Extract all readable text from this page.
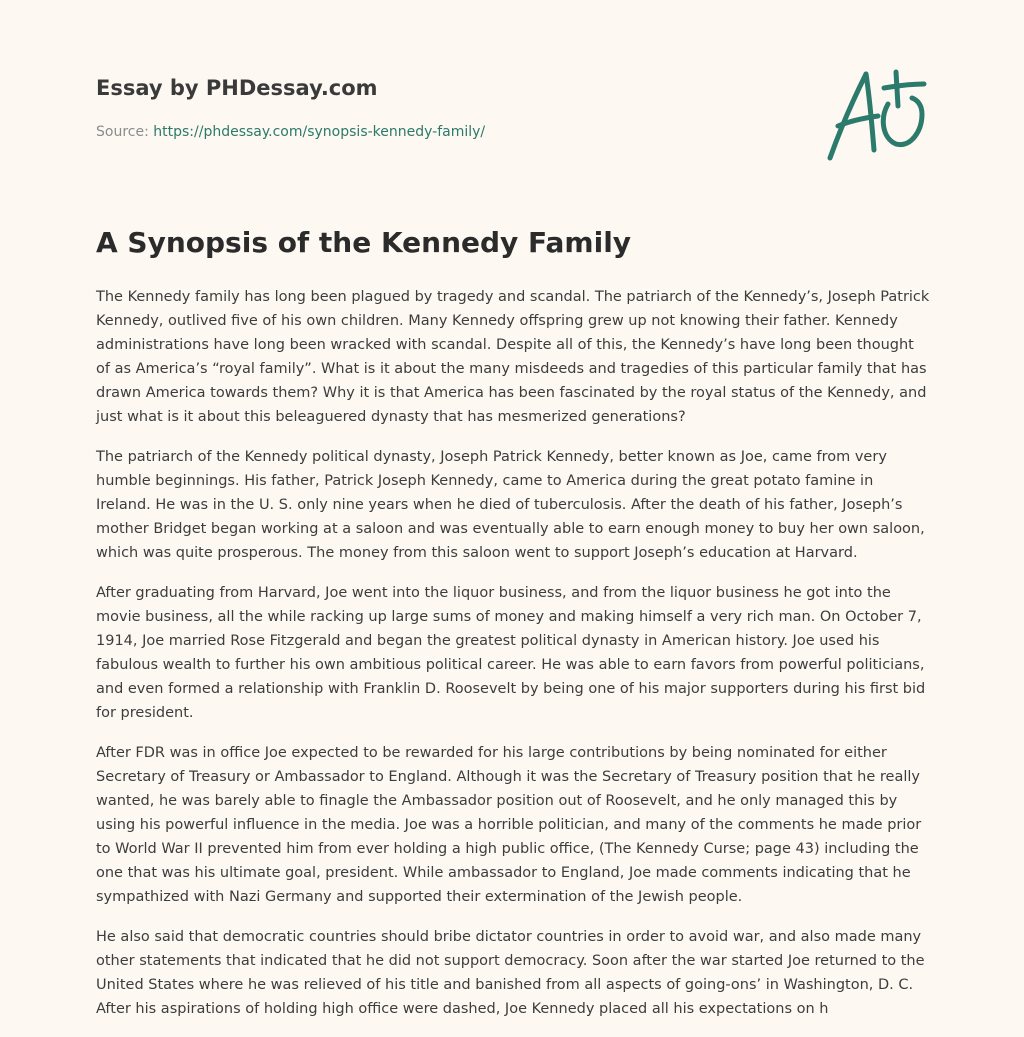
Essay by PHDessay.com
Source: https://phdessay.com/synopsis-kennedy-family/
A Synopsis of the Kennedy Family

The Kennedy family has long been plagued by tragedy and scandal. The patriarch of the Kennedy’s, Joseph Patrick Kennedy, outlived five of his own children. Many Kennedy offspring grew up not knowing their father. Kennedy administrations have long been wracked with scandal. Despite all of this, the Kennedy’s have long been thought of as America’s “royal family”. What is it about the many misdeeds and tragedies of this particular family that has drawn America towards them? Why it is that America has been fascinated by the royal status of the Kennedy, and just what is it about this beleaguered dynasty that has mesmerized generations?

The patriarch of the Kennedy political dynasty, Joseph Patrick Kennedy, better known as Joe, came from very humble beginnings. His father, Patrick Joseph Kennedy, came to America during the great potato famine in Ireland. He was in the U. S. only nine years when he died of tuberculosis. After the death of his father, Joseph’s mother Bridget began working at a saloon and was eventually able to earn enough money to buy her own saloon, which was quite prosperous. The money from this saloon went to support Joseph’s education at Harvard.

After graduating from Harvard, Joe went into the liquor business, and from the liquor business he got into the movie business, all the while racking up large sums of money and making himself a very rich man. On October 7, 1914, Joe married Rose Fitzgerald and began the greatest political dynasty in American history. Joe used his fabulous wealth to further his own ambitious political career. He was able to earn favors from powerful politicians, and even formed a relationship with Franklin D. Roosevelt by being one of his major supporters during his first bid for president.

After FDR was in office Joe expected to be rewarded for his large contributions by being nominated for either Secretary of Treasury or Ambassador to England. Although it was the Secretary of Treasury position that he really wanted, he was barely able to finagle the Ambassador position out of Roosevelt, and he only managed this by using his powerful influence in the media. Joe was a horrible politician, and many of the comments he made prior to World War II prevented him from ever holding a high public office, (The Kennedy Curse; page 43) including the one that was his ultimate goal, president. While ambassador to England, Joe made comments indicating that he sympathized with Nazi Germany and supported their extermination of the Jewish people.

He also said that democratic countries should bribe dictator countries in order to avoid war, and also made many other statements that indicated that he did not support democracy. Soon after the war started Joe returned to the United States where he was relieved of his title and banished from all aspects of going-ons’ in Washington, D. C. After his aspirations of holding high office were dashed, Joe Kennedy placed all his expectations on h
